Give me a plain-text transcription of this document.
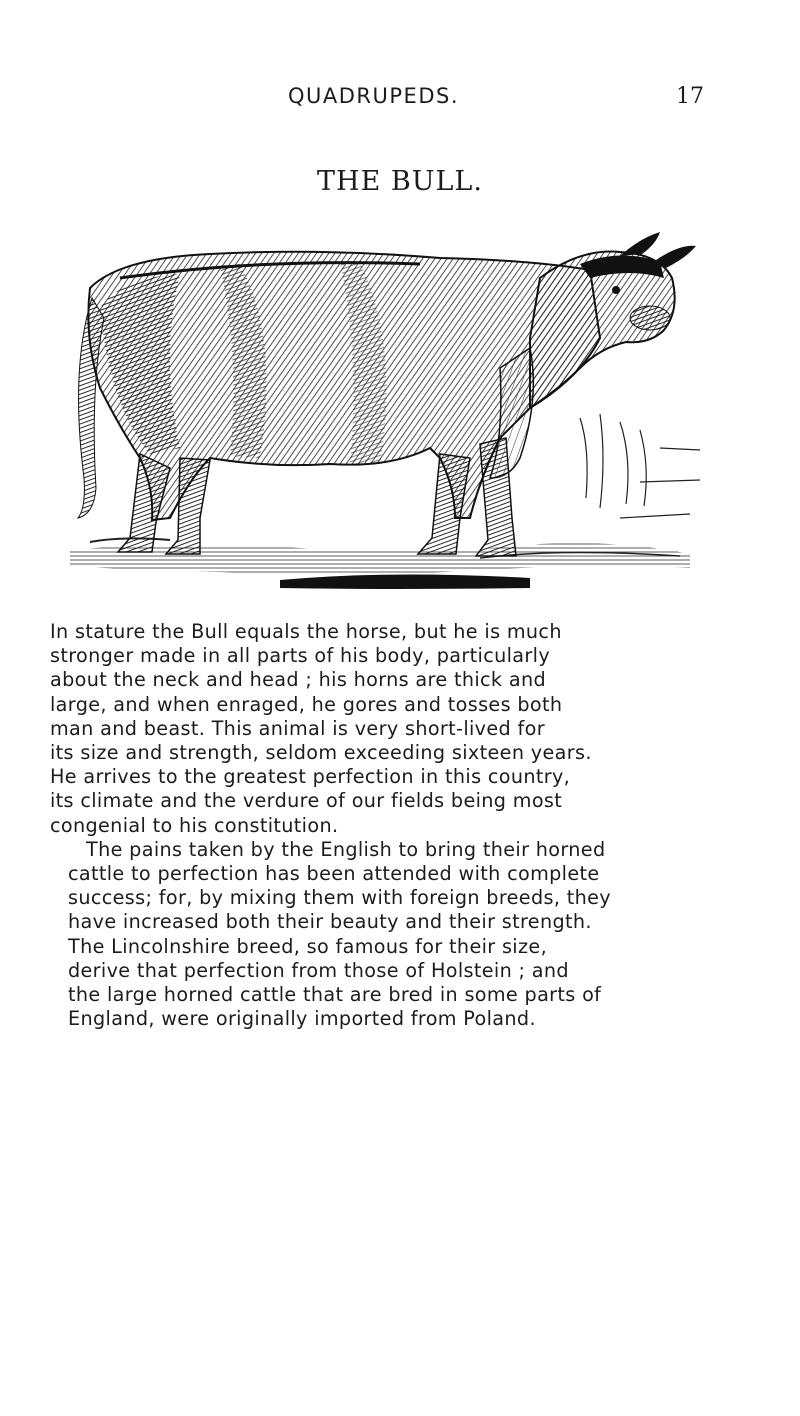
QUADRUPEDS.	17
THE BULL.

In stature the Bull equals the horse, but he is much
stronger made in all parts of his body, particularly
about the neck and head ; his horns are thick and
large, and when enraged, he gores and tosses both
man and beast. This animal is very short-lived for
its size and strength, seldom exceeding sixteen years.
He arrives to the greatest perfection in this country,
its climate and the verdure of our fields being most
congenial to his constitution.

The pains taken by the English to bring their horned
cattle to perfection has been attended with complete
success; for, by mixing them with foreign breeds, they
have increased both their beauty and their strength.
The Lincolnshire breed, so famous for their size,
derive that perfection from those of Holstein ; and
the large horned cattle that are bred in some parts of
England, were originally imported from Poland.
